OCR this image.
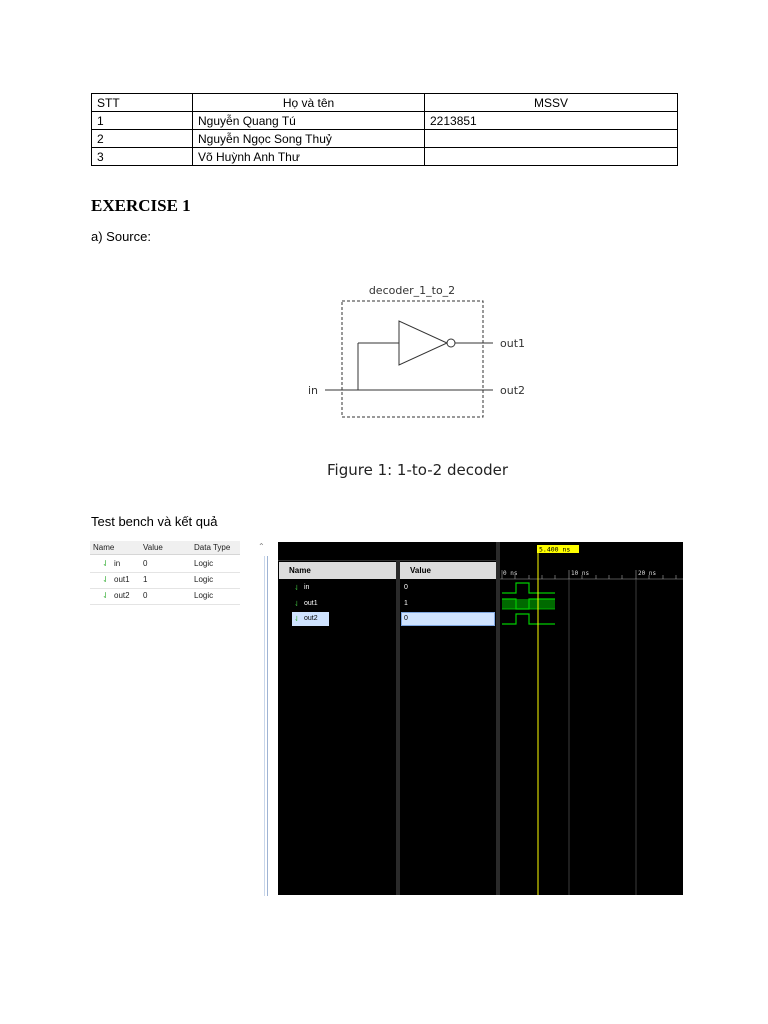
STT	Họ và tên	MSSV
1	Nguyễn Quang Tú	2213851
2	Nguyễn Ngọc Song Thuỷ	
3	Võ Huỳnh Anh Thư	
EXERCISE 1
a) Source:
decoder_1_to_2
in
out1
out2
Figure 1: 1-to-2 decoder
Test bench và kết quả
Name	Value	Data Type
⇃ in	0	Logic
⇃ out1 1	Logic
⇃ out2 0	Logic
⌃
Name	Value
⇃ in	0
⇃ out1	1
⇃ out2	0
0 ns	10 ns	20 ns
5.400 ns
